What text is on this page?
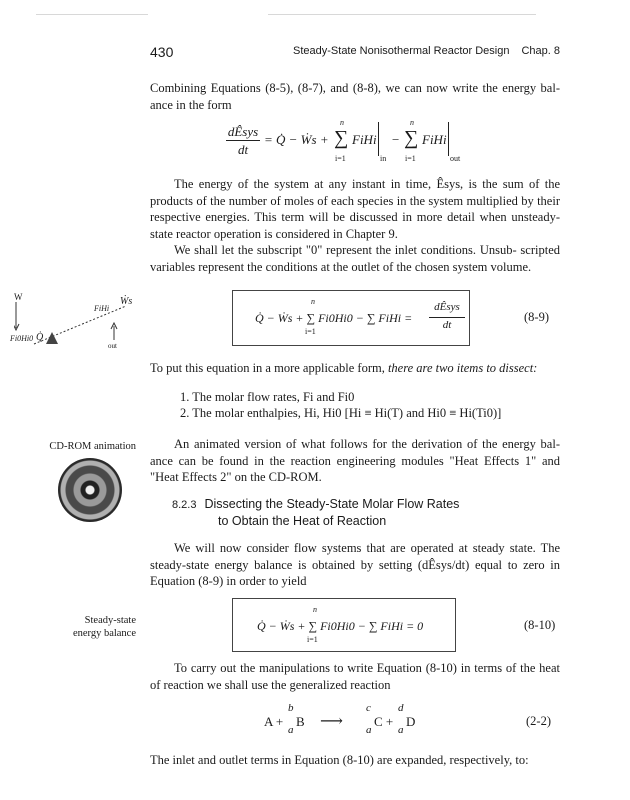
430	Steady-State Nonisothermal Reactor Design Chap. 8

Combining Equations (8-5), (8-7), and (8-8), we can now write the energy bal- ance in the form

dÊsys
dt
= Q̇ − Ẇs +
n
∑
i=1
FiHi
in
−
n
∑
i=1
FiHi
out

The energy of the system at any instant in time, Êsys, is the sum of the products of the number of moles of each species in the system multiplied by their respective energies. This term will be discussed in more detail when unsteady-state reactor operation is considered in Chapter 9.

We shall let the subscript "0" represent the inlet conditions. Unsub- scripted variables represent the conditions at the outlet of the chosen system volume.

W	Ẇs
FiHi
Fi0Hi0 Q̇
out
Q̇ − Ẇs + ∑ Fi0Hi0 − ∑ FiHi =
n
i=1
dÊsys
dt
(8-9)

To put this equation in a more applicable form, there are two items to dissect:

1. The molar flow rates, Fi and Fi0
2. The molar enthalpies, Hi, Hi0 [Hi ≡ Hi(T) and Hi0 ≡ Hi(Ti0)]
CD-ROM animation	An animated version of what follows for the derivation of the energy bal- ance can be found in the reaction engineering modules "Heat Effects 1" and "Heat Effects 2" on the CD-ROM.

8.2.3 Dissecting the Steady-State Molar Flow Rates
to Obtain the Heat of Reaction

We will now consider flow systems that are operated at steady state. The steady-state energy balance is obtained by setting (dÊsys/dt) equal to zero in Equation (8-9) in order to yield

Steady-state
energy balance
Q̇ − Ẇs + ∑ Fi0Hi0 − ∑ FiHi = 0
n
i=1
(8-10)

To carry out the manipulations to write Equation (8-10) in terms of the heat of reaction we shall use the generalized reaction

A +
b
a
B ⟶
c
a
C +
d
a
D	(2-2)

The inlet and outlet terms in Equation (8-10) are expanded, respectively, to:
